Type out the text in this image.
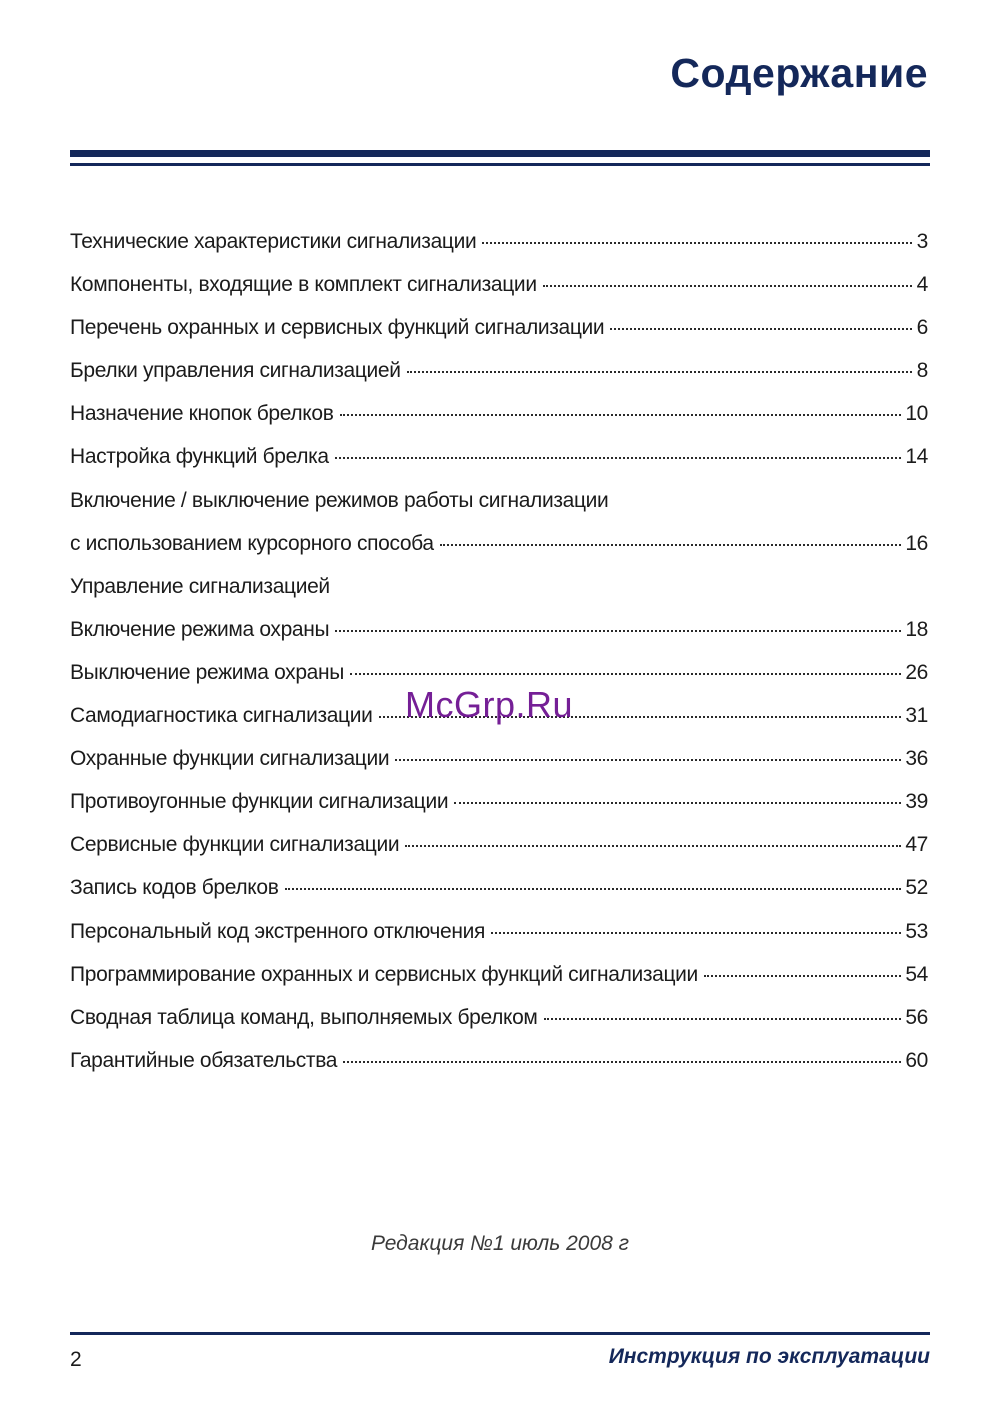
Содержание
Технические характеристики сигнализации	3
Компоненты, входящие в комплект сигнализации	4
Перечень охранных и сервисных функций сигнализации	6
Брелки управления сигнализацией	8
Назначение кнопок брелков	10
Настройка функций брелка	14
Включение / выключение режимов работы сигнализации
с использованием курсорного способа	16
Управление сигнализацией
Включение режима охраны	18
Выключение режима охраны	26
Самодиагностика сигнализации	31
Охранные функции сигнализации	36
Противоугонные функции сигнализации	39
Сервисные функции сигнализации	47
Запись кодов брелков	52
Персональный код экстренного отключения	53
Программирование охранных и сервисных функций сигнализации	54
Сводная таблица команд, выполняемых брелком	56
Гарантийные обязательства	60
McGrp.Ru
Редакция №1 июль 2008 г
2	Инструкция по эксплуатации
